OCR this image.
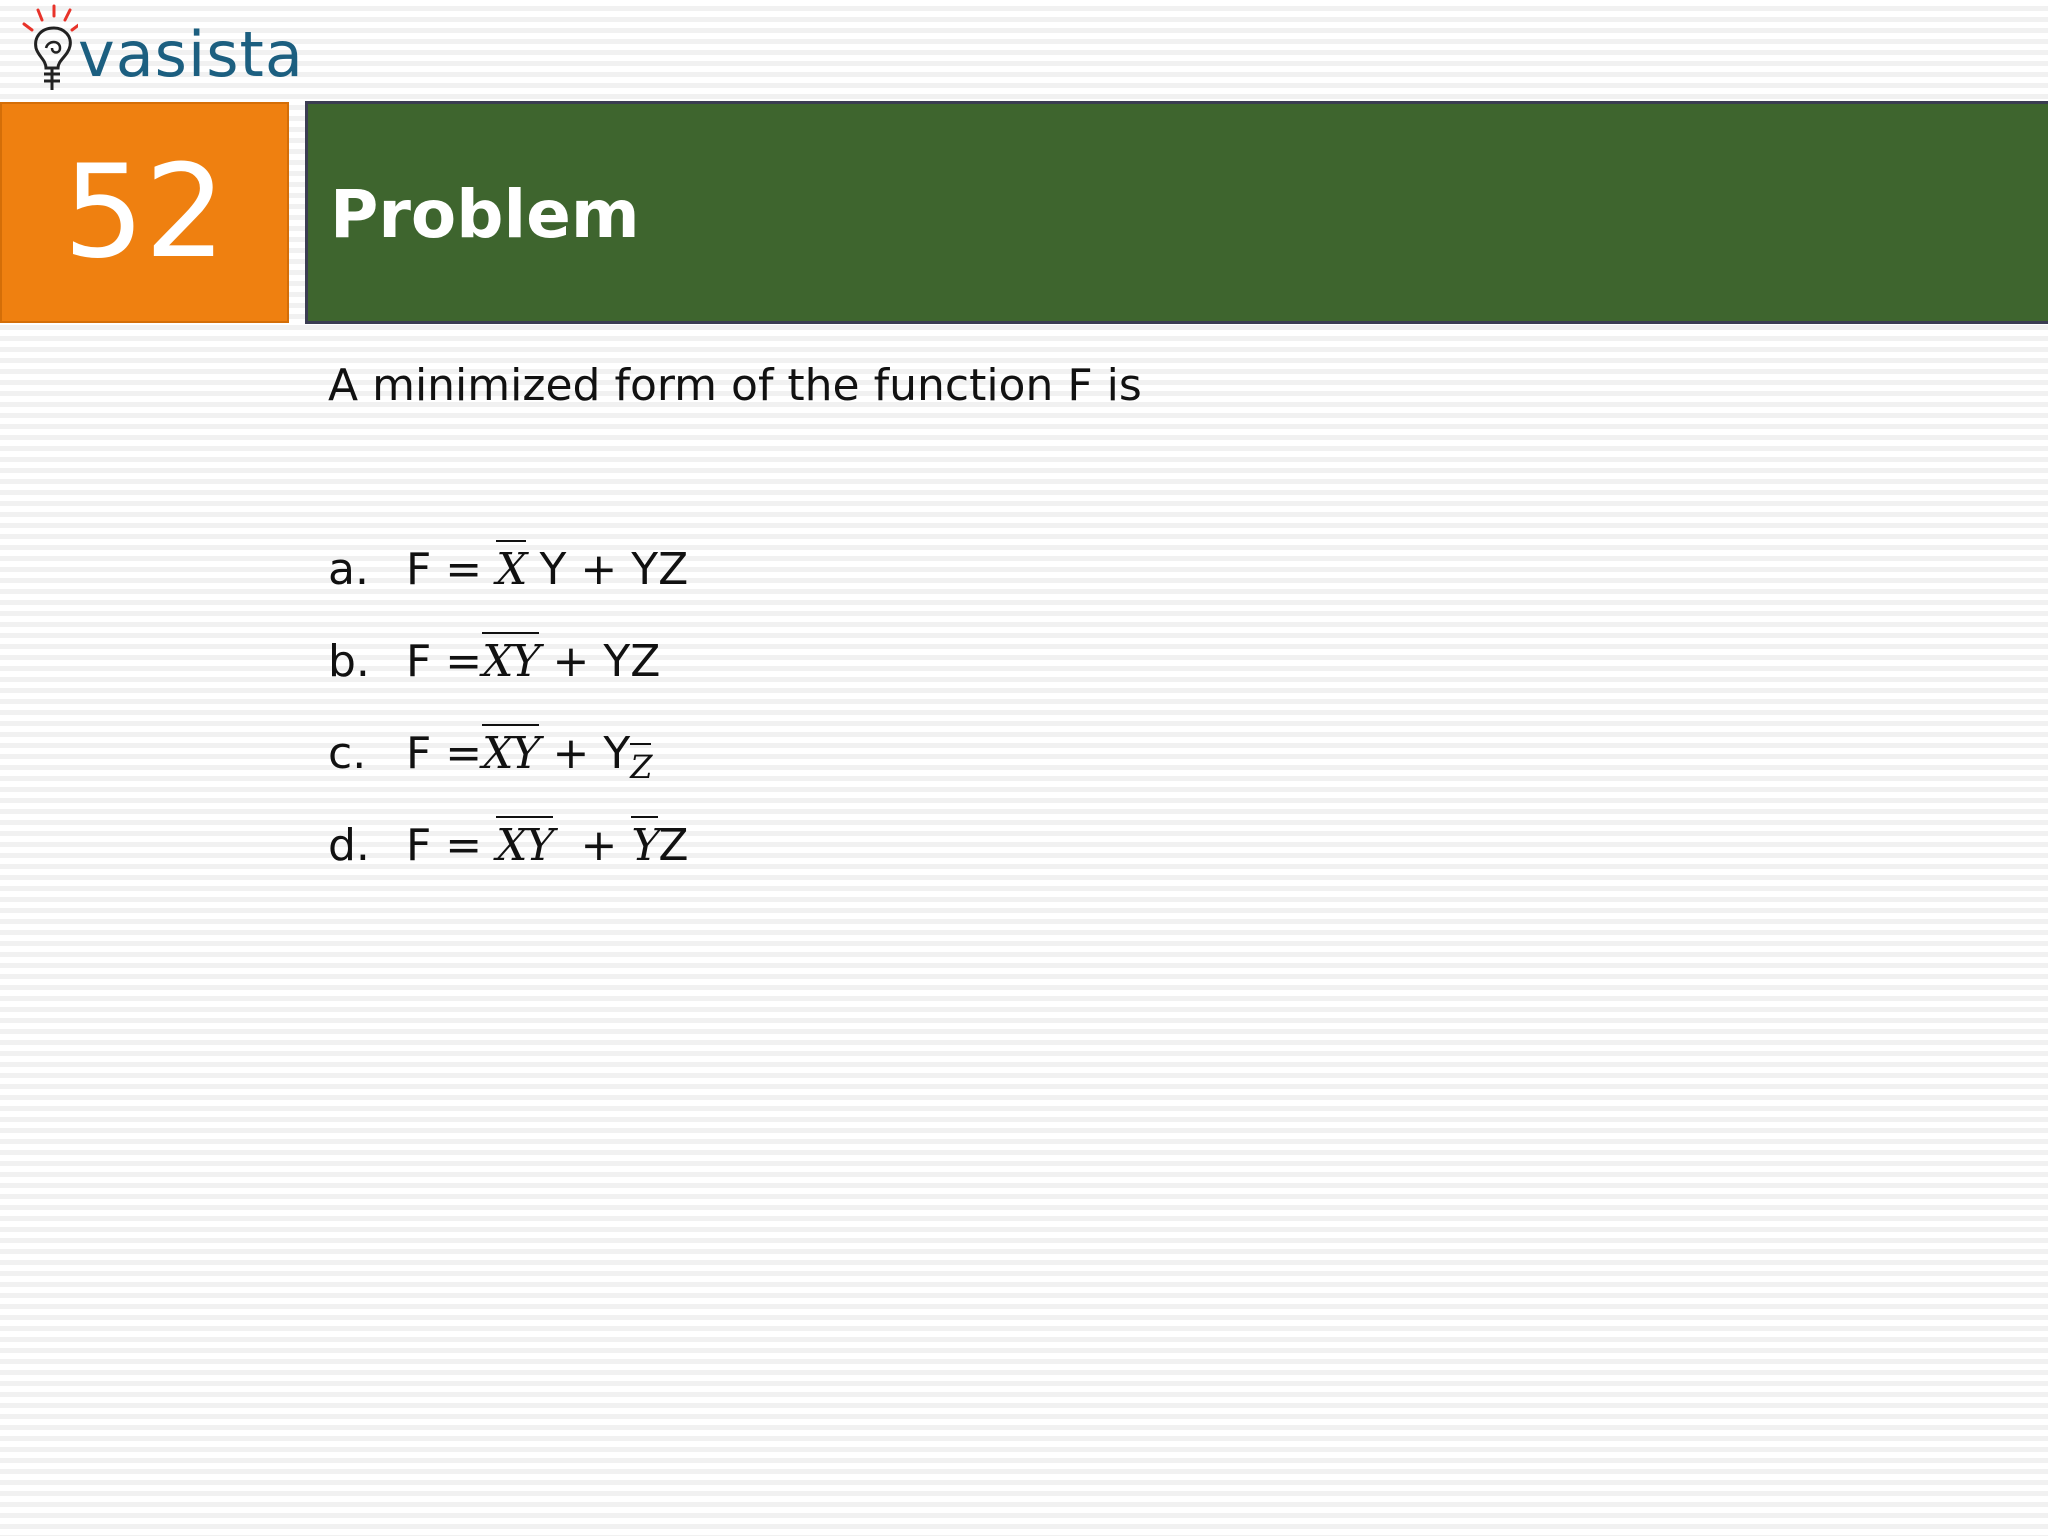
vasista
52 Problem
A minimized form of the function F is
a. F = X Y + YZ
b. F =XY + YZ
c. F =XY + YZ
d. F = XY  + YZ
